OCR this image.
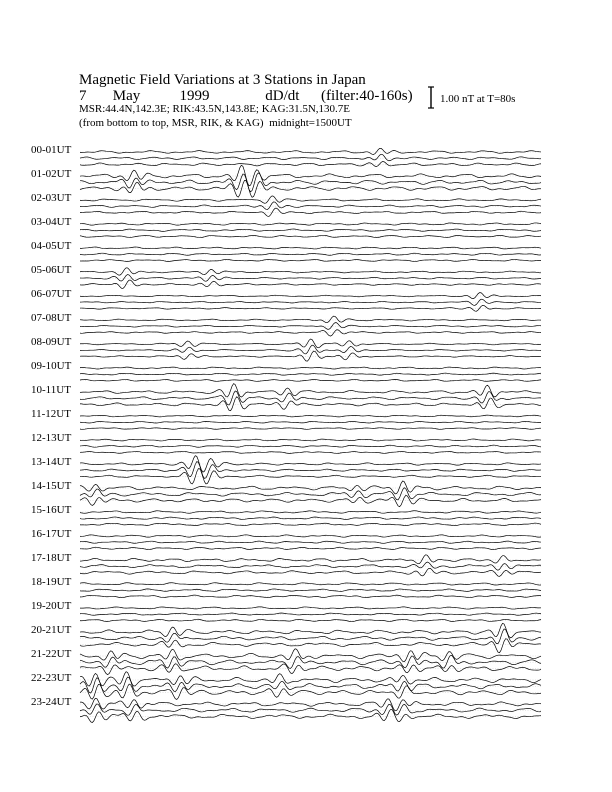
Magnetic Field Variations at 3 Stations in Japan
7 May	1999	dD/dt (filter:40-160s)
MSR:44.4N,142.3E; RIK:43.5N,143.8E; KAG:31.5N,130.7E
(from bottom to top, MSR, RIK, & KAG) midnight=1500UT
1.00 nT at T=80s
00-01UT
01-02UT
02-03UT
03-04UT
04-05UT
05-06UT
06-07UT
07-08UT
08-09UT
09-10UT
10-11UT
11-12UT
12-13UT
13-14UT
14-15UT
15-16UT
16-17UT
17-18UT
18-19UT
19-20UT
20-21UT
21-22UT
22-23UT
23-24UT
